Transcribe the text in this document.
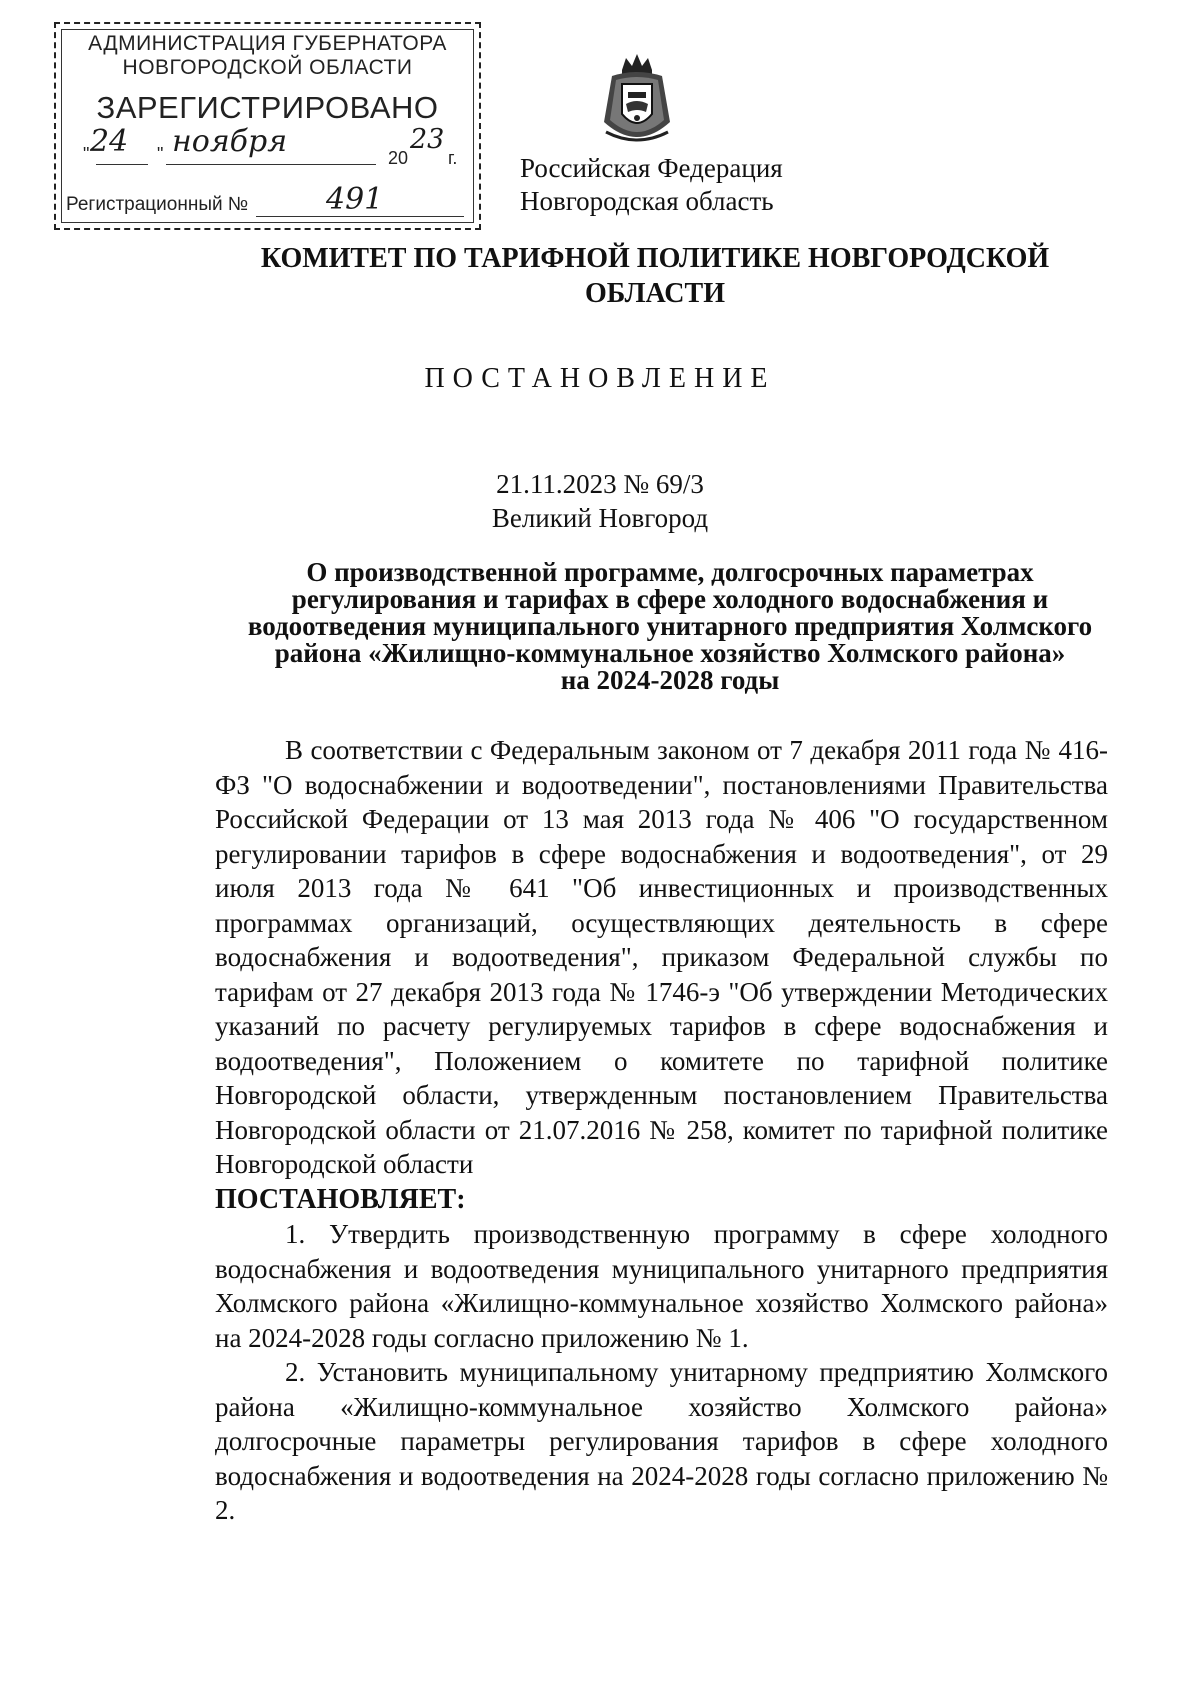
АДМИНИСТРАЦИЯ ГУБЕРНАТОРА
НОВГОРОДСКОЙ ОБЛАСТИ
ЗАРЕГИСТРИРОВАНО
" 24 " ноября	20
23
г.
Регистрационный №	491
Российская Федерация
Новгородская область
КОМИТЕТ ПО ТАРИФНОЙ ПОЛИТИКЕ НОВГОРОДСКОЙ
ОБЛАСТИ
ПОСТАНОВЛЕНИЕ
21.11.2023 № 69/3
Великий Новгород
О производственной программе, долгосрочных параметрах
регулирования и тарифах в сфере холодного водоснабжения и
водоотведения муниципального унитарного предприятия Холмского
района «Жилищно-коммунальное хозяйство Холмского района»
на 2024-2028 годы

В соответствии с Федеральным законом от 7 декабря 2011 года № 416-ФЗ "О водоснабжении и водоотведении", постановлениями Правительства Российской Федерации от 13 мая 2013 года № 406 "О государственном регулировании тарифов в сфере водоснабжения и водоотведения", от 29 июля 2013 года № 641 "Об инвестиционных и производственных программах организаций, осуществляющих деятельность в сфере водоснабжения и водоотведения", приказом Федеральной службы по тарифам от 27 декабря 2013 года № 1746-э "Об утверждении Методических указаний по расчету регулируемых тарифов в сфере водоснабжения и водоотведения", Положением о комитете по тарифной политике Новгородской области, утвержденным постановлением Правительства Новгородской области от 21.07.2016 № 258, комитет по тарифной политике Новгородской области

ПОСТАНОВЛЯЕТ:

1. Утвердить производственную программу в сфере холодного водоснабжения и водоотведения муниципального унитарного предприятия Холмского района «Жилищно-коммунальное хозяйство Холмского района» на 2024-2028 годы согласно приложению № 1.

2. Установить муниципальному унитарному предприятию Холмского района «Жилищно-коммунальное хозяйство Холмского района» долгосрочные параметры регулирования тарифов в сфере холодного водоснабжения и водоотведения на 2024-2028 годы согласно приложению № 2.
